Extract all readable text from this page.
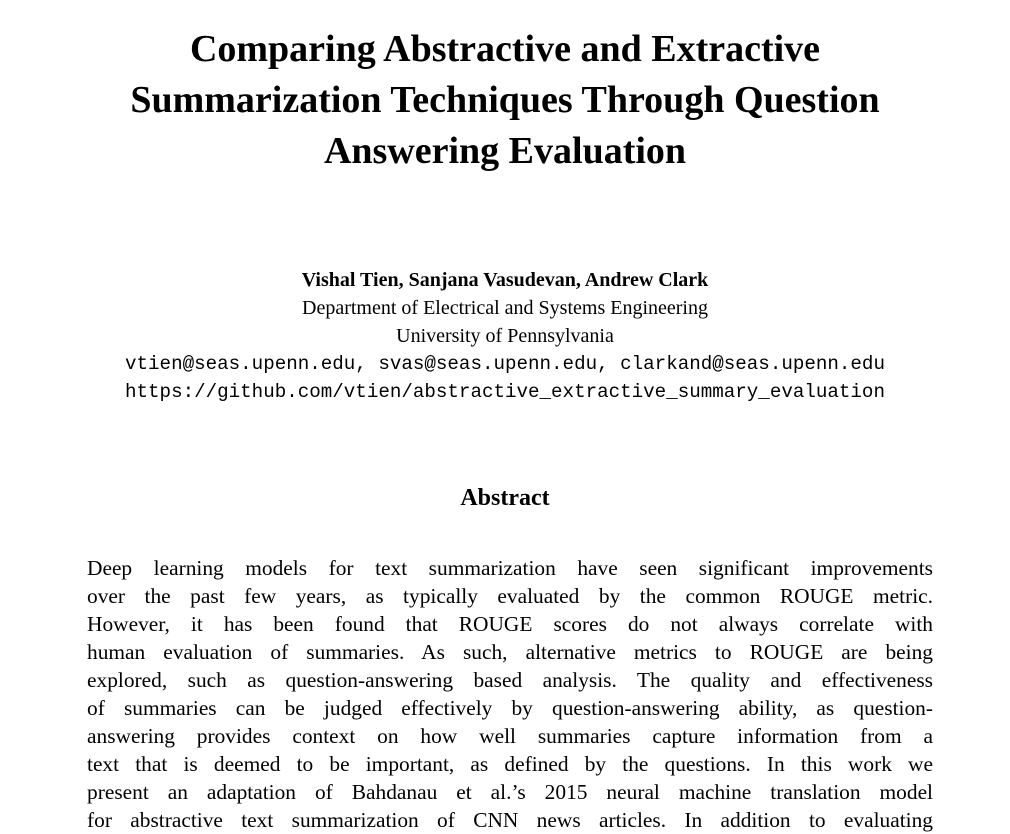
Comparing Abstractive and Extractive
Summarization Techniques Through Question
Answering Evaluation
Vishal Tien, Sanjana Vasudevan, Andrew Clark
Department of Electrical and Systems Engineering
University of Pennsylvania
vtien@seas.upenn.edu, svas@seas.upenn.edu, clarkand@seas.upenn.edu
https://github.com/vtien/abstractive_extractive_summary_evaluation
Abstract
Deep learning models for text summarization have seen significant improvements
over the past few years, as typically evaluated by the common ROUGE metric.
However, it has been found that ROUGE scores do not always correlate with
human evaluation of summaries. As such, alternative metrics to ROUGE are being
explored, such as question-answering based analysis. The quality and effectiveness
of summaries can be judged effectively by question-answering ability, as question-
answering provides context on how well summaries capture information from a
text that is deemed to be important, as defined by the questions. In this work we
present an adaptation of Bahdanau et al.’s 2015 neural machine translation model
for abstractive text summarization of CNN news articles. In addition to evaluating
